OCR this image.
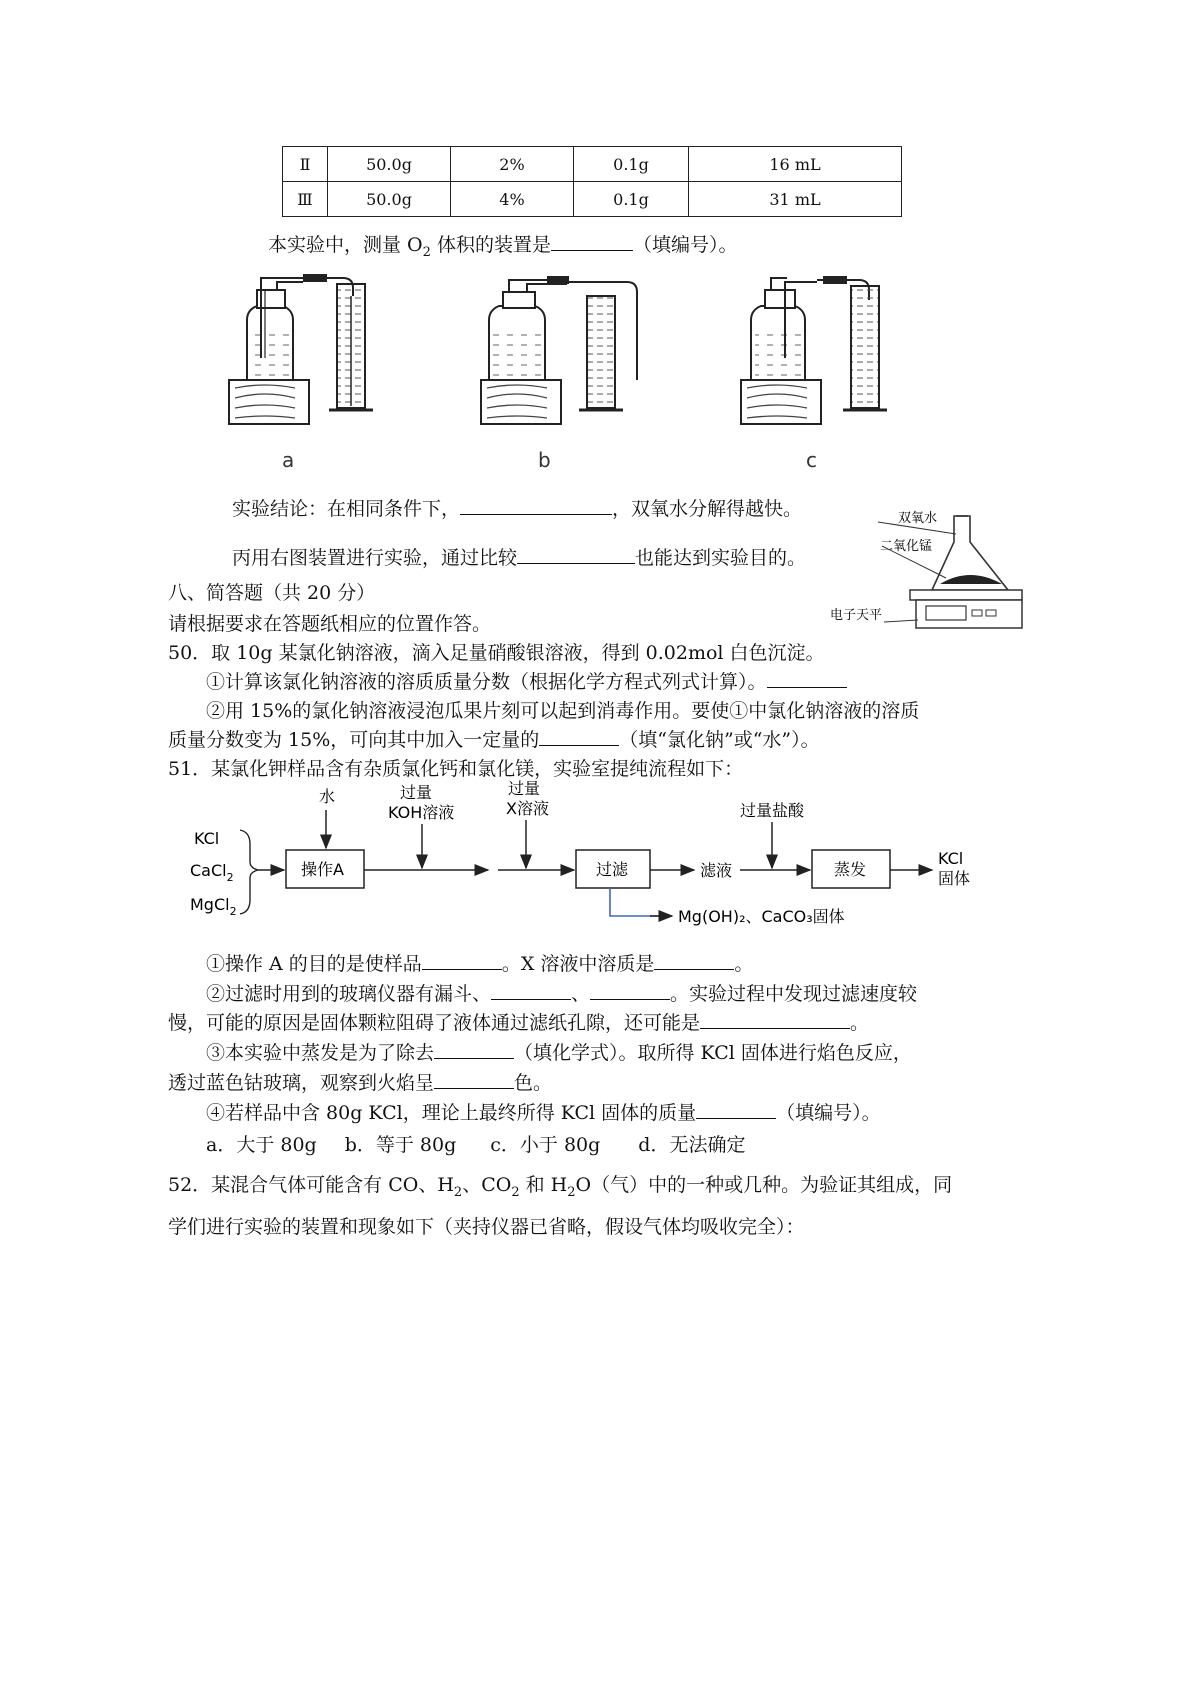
Ⅱ	50.0g	2%	0.1g	16 mL
Ⅲ	50.0g	4%	0.1g	31 mL
本实验中，测量 $O_2$ 体积的装置是	（填编号）。
a	b	c
实验结论：在相同条件下，	，双氧水分解得越快。
丙用右图装置进行实验，通过比较	也能达到实验目的。
双氧水
二氧化锰
电子天平
八、简答题（共 20 分）
请根据要求在答题纸相应的位置作答。
50．取 10g 某氯化钠溶液，滴入足量硝酸银溶液，得到 0.02mol 白色沉淀。
①计算该氯化钠溶液的溶质质量分数（根据化学方程式列式计算）。
②用 15%的氯化钠溶液浸泡瓜果片刻可以起到消毒作用。要使①中氯化钠溶液的溶质
质量分数变为 15%，可向其中加入一定量的	（填“氯化钠”或“水”）。
51．某氯化钾样品含有杂质氯化钙和氯化镁，实验室提纯流程如下：
KCl
CaCl$_2$
MgCl$_2$
操作A
水	过量
KOH溶液
过量
X溶液
过滤
Mg(OH)₂、CaCO₃固体
滤液
过量盐酸
蒸发
KCl
固体
①操作 A 的目的是使样品	。X 溶液中溶质是	。
②过滤时用到的玻璃仪器有漏斗、	、	。实验过程中发现过滤速度较
慢，可能的原因是固体颗粒阻碍了液体通过滤纸孔隙，还可能是	。
③本实验中蒸发是为了除去	（填化学式）。取所得 KCl 固体进行焰色反应，
透过蓝色钴玻璃，观察到火焰呈	色。
④若样品中含 80g KCl，理论上最终所得 KCl 固体的质量	（填编号）。
a．大于 80g b．等于 80g c．小于 80g d．无法确定
52．某混合气体可能含有 CO、$H_2$、$CO_2$ 和 $H_2O$（气）中的一种或几种。为验证其组成，同
学们进行实验的装置和现象如下（夹持仪器已省略，假设气体均吸收完全）：
